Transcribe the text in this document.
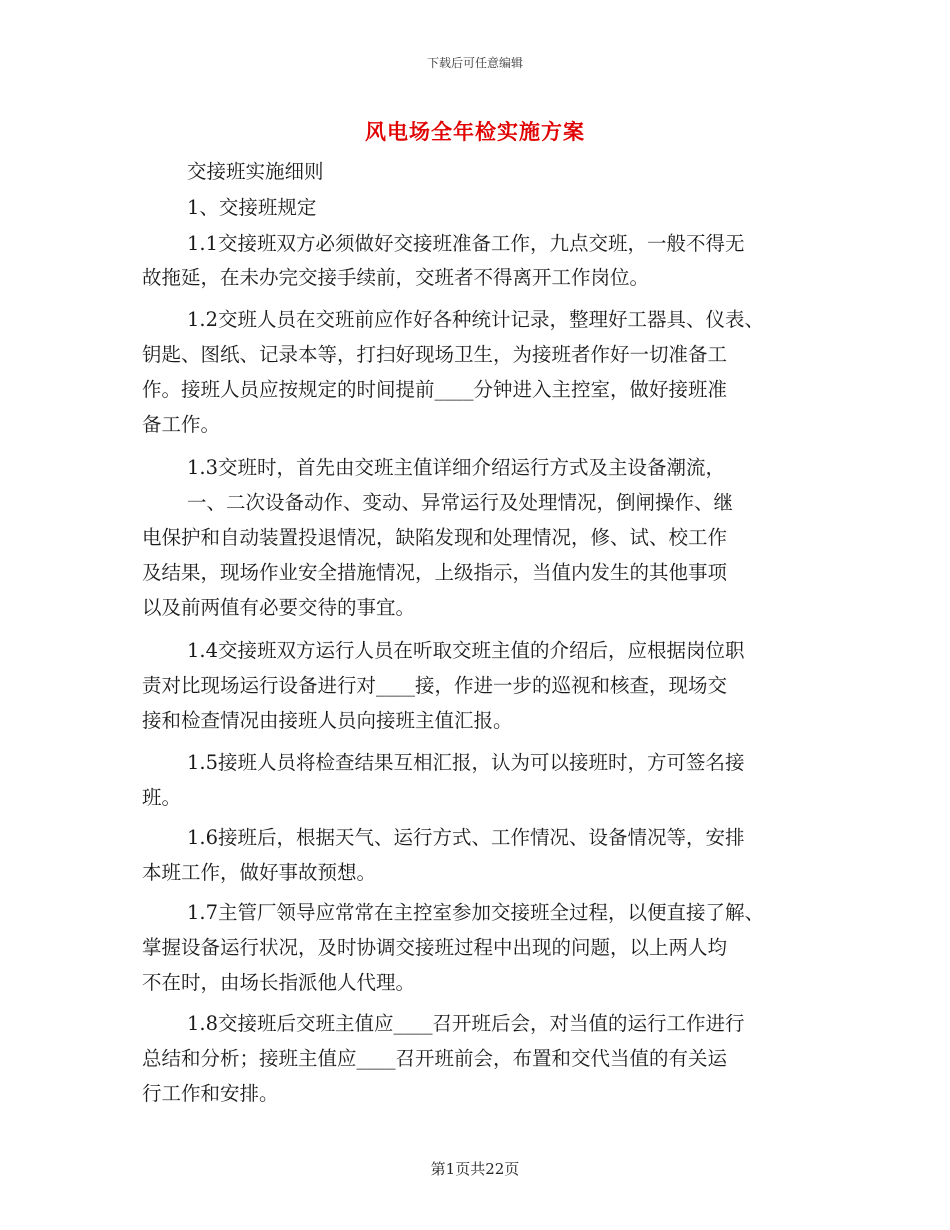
下载后可任意编辑
风电场全年检实施方案
交接班实施细则
1、交接班规定
1.1交接班双方必须做好交接班准备工作，九点交班，一般不得无
故拖延，在未办完交接手续前，交班者不得离开工作岗位。
1.2交班人员在交班前应作好各种统计记录，整理好工器具、仪表、
钥匙、图纸、记录本等，打扫好现场卫生，为接班者作好一切准备工
作。接班人员应按规定的时间提前____分钟进入主控室，做好接班准
备工作。
1.3交班时，首先由交班主值详细介绍运行方式及主设备潮流，
一、二次设备动作、变动、异常运行及处理情况，倒闸操作、继
电保护和自动装置投退情况，缺陷发现和处理情况，修、试、校工作
及结果，现场作业安全措施情况，上级指示，当值内发生的其他事项
以及前两值有必要交待的事宜。
1.4交接班双方运行人员在听取交班主值的介绍后，应根据岗位职
责对比现场运行设备进行对____接，作进一步的巡视和核查，现场交
接和检查情况由接班人员向接班主值汇报。
1.5接班人员将检查结果互相汇报，认为可以接班时，方可签名接
班。
1.6接班后，根据天气、运行方式、工作情况、设备情况等，安排
本班工作，做好事故预想。
1.7主管厂领导应常常在主控室参加交接班全过程，以便直接了解、
掌握设备运行状况，及时协调交接班过程中出现的问题，以上两人均
不在时，由场长指派他人代理。
1.8交接班后交班主值应____召开班后会，对当值的运行工作进行
总结和分析；接班主值应____召开班前会，布置和交代当值的有关运
行工作和安排。
第1页共22页
